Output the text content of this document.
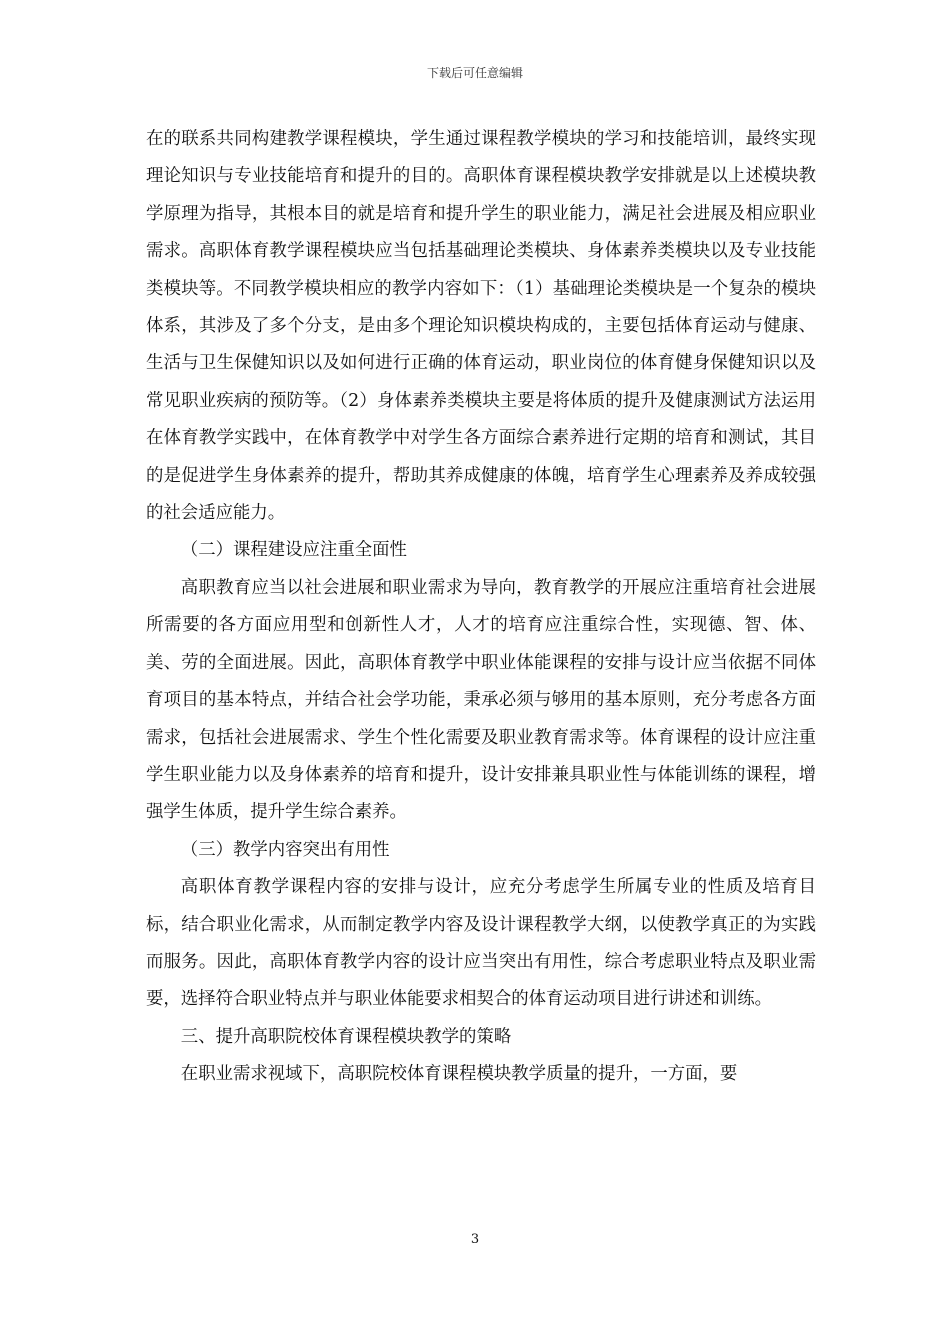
下载后可任意编辑

在的联系共同构建教学课程模块，学生通过课程教学模块的学习和技能培训，最终实现理论知识与专业技能培育和提升的目的。高职体育课程模块教学安排就是以上述模块教学原理为指导，其根本目的就是培育和提升学生的职业能力，满足社会进展及相应职业需求。高职体育教学课程模块应当包括基础理论类模块、身体素养类模块以及专业技能类模块等。不同教学模块相应的教学内容如下：（1）基础理论类模块是一个复杂的模块体系，其涉及了多个分支，是由多个理论知识模块构成的，主要包括体育运动与健康、生活与卫生保健知识以及如何进行正确的体育运动，职业岗位的体育健身保健知识以及常见职业疾病的预防等。（2）身体素养类模块主要是将体质的提升及健康测试方法运用在体育教学实践中，在体育教学中对学生各方面综合素养进行定期的培育和测试，其目的是促进学生身体素养的提升，帮助其养成健康的体魄，培育学生心理素养及养成较强的社会适应能力。

（二）课程建设应注重全面性

高职教育应当以社会进展和职业需求为导向，教育教学的开展应注重培育社会进展所需要的各方面应用型和创新性人才，人才的培育应注重综合性，实现德、智、体、美、劳的全面进展。因此，高职体育教学中职业体能课程的安排与设计应当依据不同体育项目的基本特点，并结合社会学功能，秉承必须与够用的基本原则，充分考虑各方面需求，包括社会进展需求、学生个性化需要及职业教育需求等。体育课程的设计应注重学生职业能力以及身体素养的培育和提升，设计安排兼具职业性与体能训练的课程，增强学生体质，提升学生综合素养。

（三）教学内容突出有用性

高职体育教学课程内容的安排与设计，应充分考虑学生所属专业的性质及培育目标，结合职业化需求，从而制定教学内容及设计课程教学大纲，以使教学真正的为实践而服务。因此，高职体育教学内容的设计应当突出有用性，综合考虑职业特点及职业需要，选择符合职业特点并与职业体能要求相契合的体育运动项目进行讲述和训练。

三、提升高职院校体育课程模块教学的策略

在职业需求视域下，高职院校体育课程模块教学质量的提升，一方面，要

3
